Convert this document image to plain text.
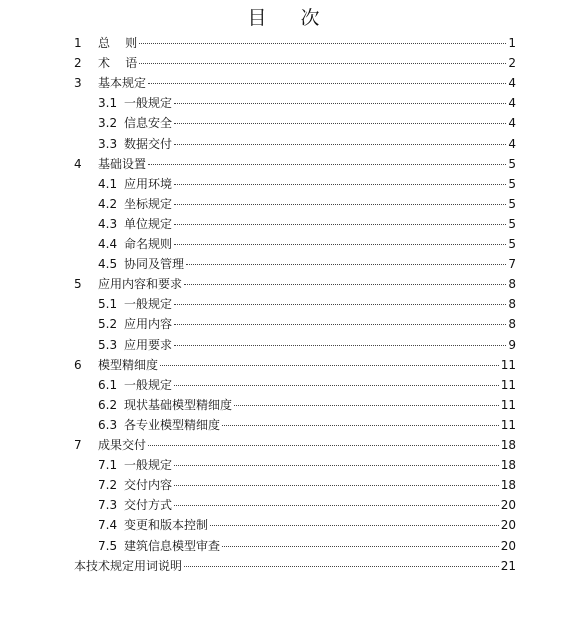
目 次
1	总    则	1
2	术    语	2
3	基本规定	4
3.1 一般规定	4
3.2 信息安全	4
3.3 数据交付	4
4	基础设置	5
4.1 应用环境	5
4.2 坐标规定	5
4.3 单位规定	5
4.4 命名规则	5
4.5 协同及管理	7
5	应用内容和要求	8
5.1 一般规定	8
5.2 应用内容	8
5.3 应用要求	9
6	模型精细度	11
6.1 一般规定	11
6.2 现状基础模型精细度	11
6.3 各专业模型精细度	11
7	成果交付	18
7.1 一般规定	18
7.2 交付内容	18
7.3 交付方式	20
7.4 变更和版本控制	20
7.5 建筑信息模型审查	20
本技术规定用词说明	21
